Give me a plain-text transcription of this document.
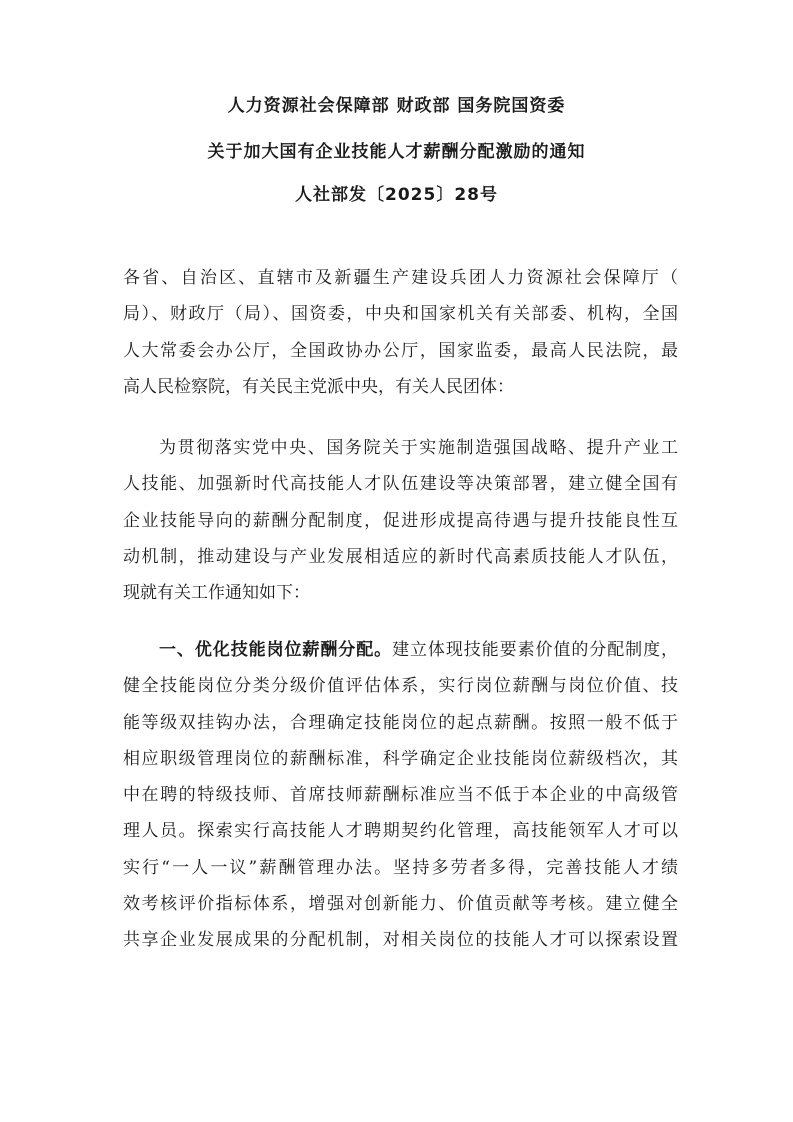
人力资源社会保障部 财政部 国务院国资委
关于加大国有企业技能人才薪酬分配激励的通知
人社部发〔2025〕28号
各省、自治区、直辖市及新疆生产建设兵团人力资源社会保障厅（
局）、财政厅（局）、国资委，中央和国家机关有关部委、机构，全国
人大常委会办公厅，全国政协办公厅，国家监委，最高人民法院，最
高人民检察院，有关民主党派中央，有关人民团体：
为贯彻落实党中央、国务院关于实施制造强国战略、提升产业工
人技能、加强新时代高技能人才队伍建设等决策部署，建立健全国有
企业技能导向的薪酬分配制度，促进形成提高待遇与提升技能良性互
动机制，推动建设与产业发展相适应的新时代高素质技能人才队伍，
现就有关工作通知如下：
一、优化技能岗位薪酬分配。建立体现技能要素价值的分配制度，
健全技能岗位分类分级价值评估体系，实行岗位薪酬与岗位价值、技
能等级双挂钩办法，合理确定技能岗位的起点薪酬。按照一般不低于
相应职级管理岗位的薪酬标准，科学确定企业技能岗位薪级档次，其
中在聘的特级技师、首席技师薪酬标准应当不低于本企业的中高级管
理人员。探索实行高技能人才聘期契约化管理，高技能领军人才可以
实行“一人一议”薪酬管理办法。坚持多劳者多得，完善技能人才绩
效考核评价指标体系，增强对创新能力、价值贡献等考核。建立健全
共享企业发展成果的分配机制，对相关岗位的技能人才可以探索设置
